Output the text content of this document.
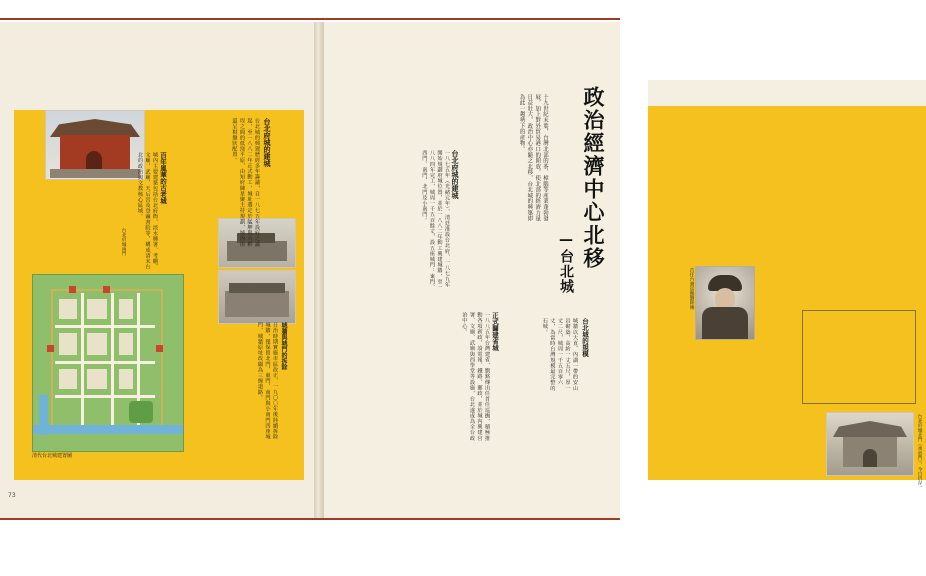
清代台北城建置圖
台北府城的建城
台北城的興建歷經多年籌議，自一八七五年設府之議起，至一八八二年正式動工，城址選定於艋舺與大稻埕之間的低窪平原，由知府陳星聚主持規劃，城內街道呈棋盤狀配置。
百年風華的古老城
城內主要建築包括台北府衙、淡水縣署、考棚、文廟、武廟、天后宮及登瀛書院等，構成清末台北的政治與文教核心區域。
城牆與城門的拆除
日治時期實施市區改正，一九〇〇年後陸續拆除城牆，僅保留北門、東門、南門與小南門四座城門，城牆原址改闢為三線道路。
台北府城南門
73
政治經濟中心北移
—台北城
十九世紀末葉，台灣北部的茶、樟腦等產業蓬勃發展，加上對外貿易港口的開放，使北部的經濟力量日益壯大，政治中心亦隨之北移，台北城的興築即為此一趨勢下的產物。
台北府城的建城
一八七五年（光緒元年），清廷准設台北府，一八七九年開始規劃府城位置，並於一八八二年動工興建城牆，至一八八四年完工，城周一千五百餘丈，設五座城門：東門、西門、南門、北門及小南門。
正式闢建省城
一八八五年台灣建省，劉銘傳出任首任巡撫，積極推動各項新政，設電報、鐵路、郵政，並於城內興建官署、文廟、武廟與西學堂等設施，台北遂成為全台政治中心。	台北城的規模
城牆以大直、內湖一帶的安山岩砌築，高約一丈五尺，厚一丈二尺，城周一千五百零六丈，為當時台灣規模最完整的石城。
首任台灣巡撫劉銘傳
台北府城北門（承恩門），今日仍存。
